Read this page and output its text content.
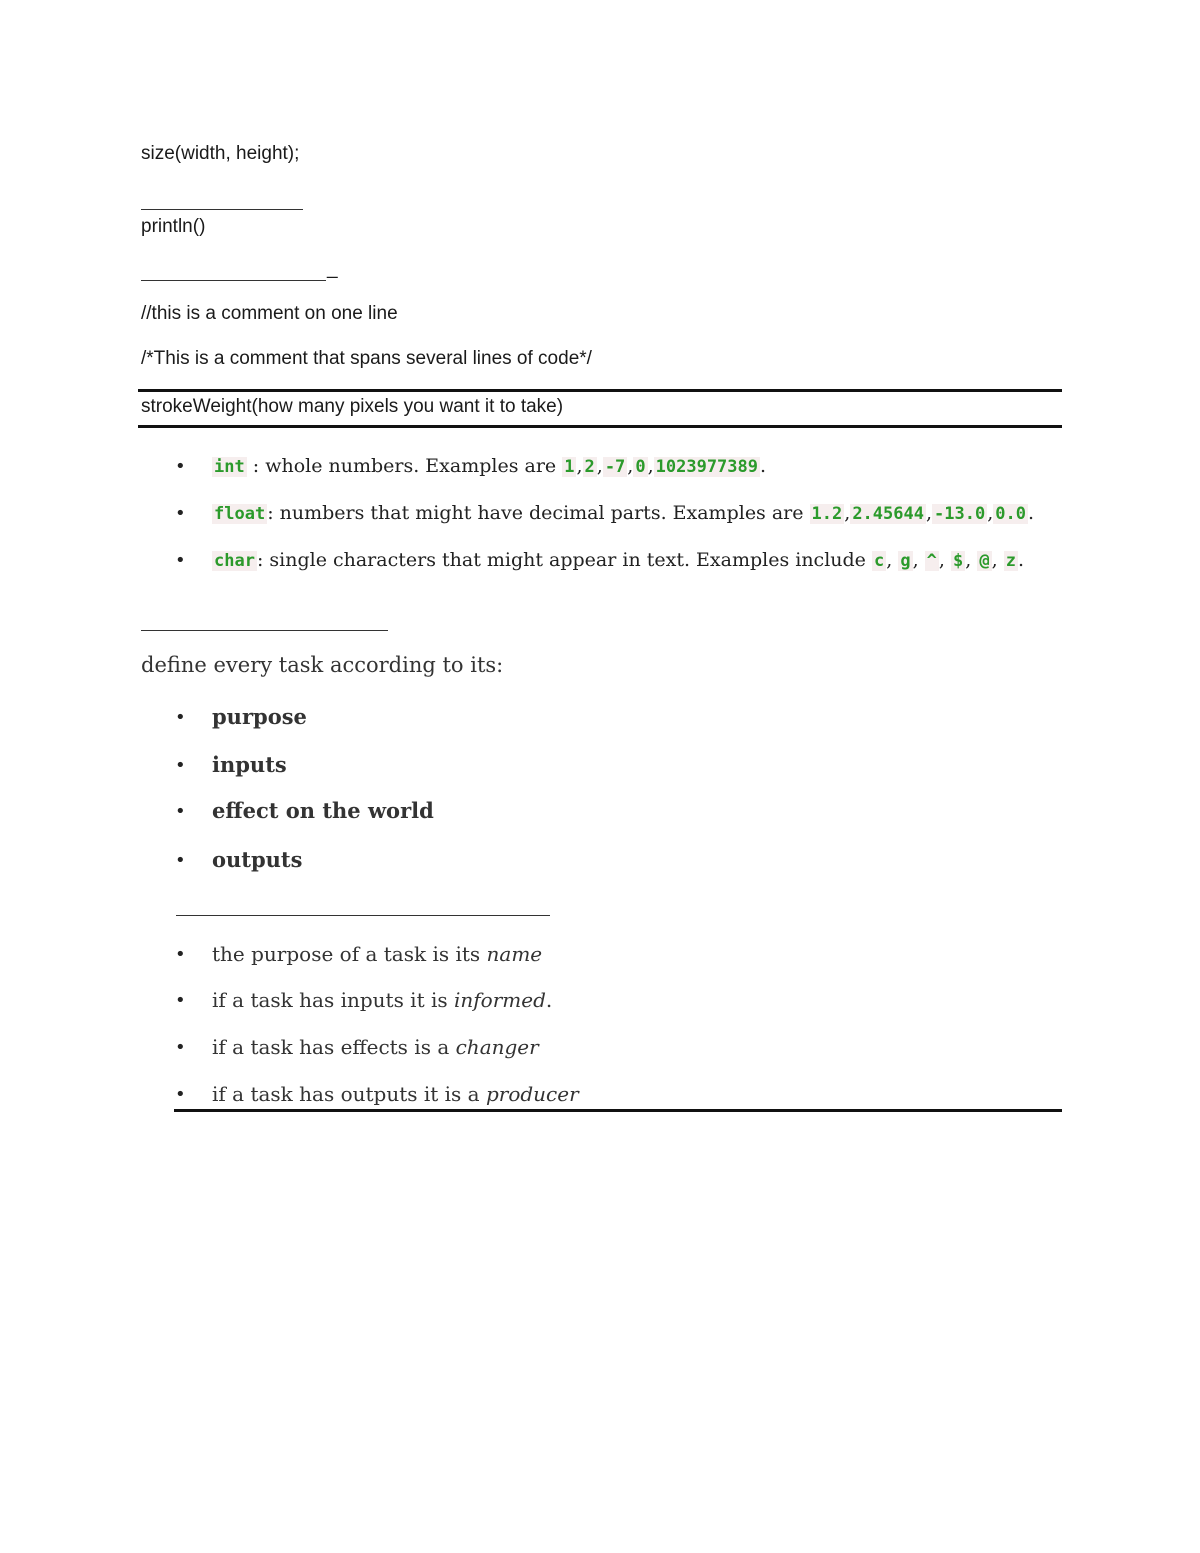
size(width, height);
println()
_
//this is a comment on one line
/*This is a comment that spans several lines of code*/
strokeWeight(how many pixels you want it to take)
• int : whole numbers. Examples are 1 , 2 , -7 , 0 , 1023977389 .
• float : numbers that might have decimal parts. Examples are 1.2 , 2.45644 , -13.0 , 0.0 .
• char : single characters that might appear in text. Examples include c , g , ^ , $ , @ , z .
define every task according to its:
• purpose
• inputs
• effect on the world
• outputs
• the purpose of a task is its name
• if a task has inputs it is informed.
• if a task has effects is a changer
• if a task has outputs it is a producer
